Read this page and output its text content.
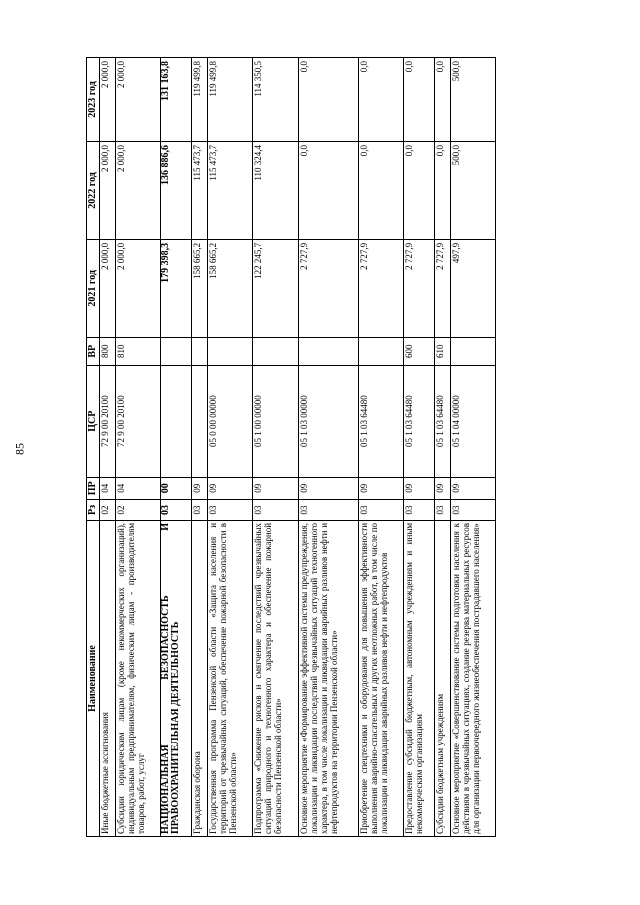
85
Наименование	Рз	ПР	ЦСР	ВР	2021 год	2022 год	2023 год
Иные бюджетные ассигнования	02	04	72 9 00 20100	800	2 000,0	2 000,0	2 000,0
Субсидии юридическим лицам (кроме некоммерческих организаций), индивидуальным предпринимателям, физическим лицам - производителям товаров, работ, услуг	02	04	72 9 00 20100	810	2 000,0	2 000,0	2 000,0
НАЦИОНАЛЬНАЯ БЕЗОПАСНОСТЬ И ПРАВООХРАНИТЕЛЬНАЯ ДЕЯТЕЛЬНОСТЬ	03	00			179 398,3	136 886,6	131 163,8
Гражданская оборона	03	09			158 665,2	115 473,7	119 499,8
Государственная программа Пензенской области «Защита населения и территорий от чрезвычайных ситуаций, обеспечение пожарной безопасности в Пензенской области»	03	09	05 0 00 00000		158 665,2	115 473,7	119 499,8
Подпрограмма «Снижение рисков и смягчение последствий чрезвычайных ситуаций природного и техногенного характера и обеспечение пожарной безопасности Пензенской области»	03	09	05 1 00 00000		122 245,7	110 324,4	114 350,5
Основное мероприятие «Формирование эффективной системы предупреждения, локализации и ликвидации последствий чрезвычайных ситуаций техногенного характера, в том числе локализации и ликвидации аварийных разливов нефти и нефтепродуктов на территории Пензенской области»	03	09	05 1 03 00000		2 727,9	0,0	0,0
Приобретение спецтехники и оборудования для повышения эффективности выполнения аварийно-спасательных и других неотложных работ, в том числе по локализации и ликвидации аварийных разливов нефти и нефтепродуктов	03	09	05 1 03 64480		2 727,9	0,0	0,0
Предоставление субсидий бюджетным, автономным учреждениям и иным некоммерческим организациям	03	09	05 1 03 64480	600	2 727,9	0,0	0,0
Субсидии бюджетным учреждениям	03	09	05 1 03 64480	610	2 727,9	0,0	0,0
Основное мероприятие «Совершенствование системы подготовки населения к действиям в чрезвычайных ситуациях, создание резерва материальных ресурсов для организации первоочередного жизнеобеспечения пострадавшего населения»	03	09	05 1 04 00000		497,9	500,0	500,0
